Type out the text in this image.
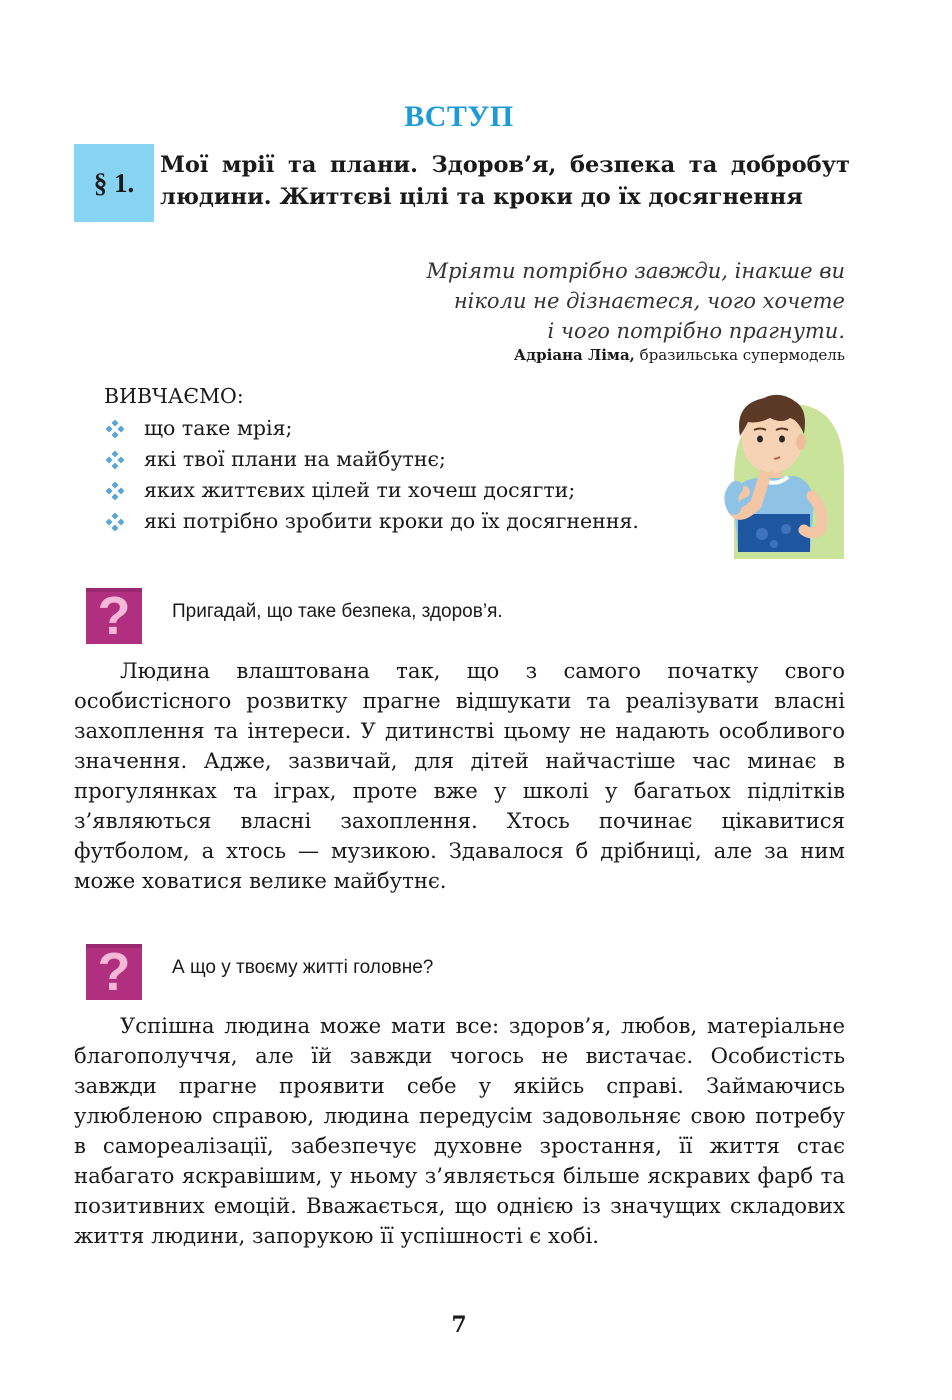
ВСТУП
§ 1.
Мої мрії та плани. Здоров’я, безпека та добробут людини. Життєві цілі та кроки до їх досягнення
Мріяти потрібно завжди, інакше ви
ніколи не дізнаєтеся, чого хочете
і чого потрібно прагнути.
Адріана Ліма, бразильська супермодель
ВИВЧАЄМО:
що таке мрія;
які твої плани на майбутнє;
яких життєвих цілей ти хочеш досягти;
які потрібно зробити кроки до їх досягнення.
? Пригадай, що таке безпека, здоров’я.

Людина влаштована так, що з самого початку свого особистісного розвитку прагне відшукати та реалізувати власні захоплення та інтереси. У дитинстві цьому не надають особливого значення. Адже, зазвичай, для дітей найчастіше час минає в прогулянках та іграх, проте вже у школі у багатьох підлітків з’являються власні захоплення. Хтось починає цікавитися футболом, а хтось — музикою. Здавалося б дрібниці, але за ним може ховатися велике майбутнє.

? А що у твоєму житті головне?

Успішна людина може мати все: здоров’я, любов, матеріальне благополуччя, але їй завжди чогось не вистачає. Особистість завжди прагне проявити себе у якійсь справі. Займаючись улюбленою справою, людина передусім задовольняє свою потребу в самореалізації, забезпечує духовне зростання, її життя стає набагато яскравішим, у ньому з’являється більше яскравих фарб та позитивних емоцій. Вважається, що однією із значущих складових життя людини, запорукою її успішності є хобі.

7
